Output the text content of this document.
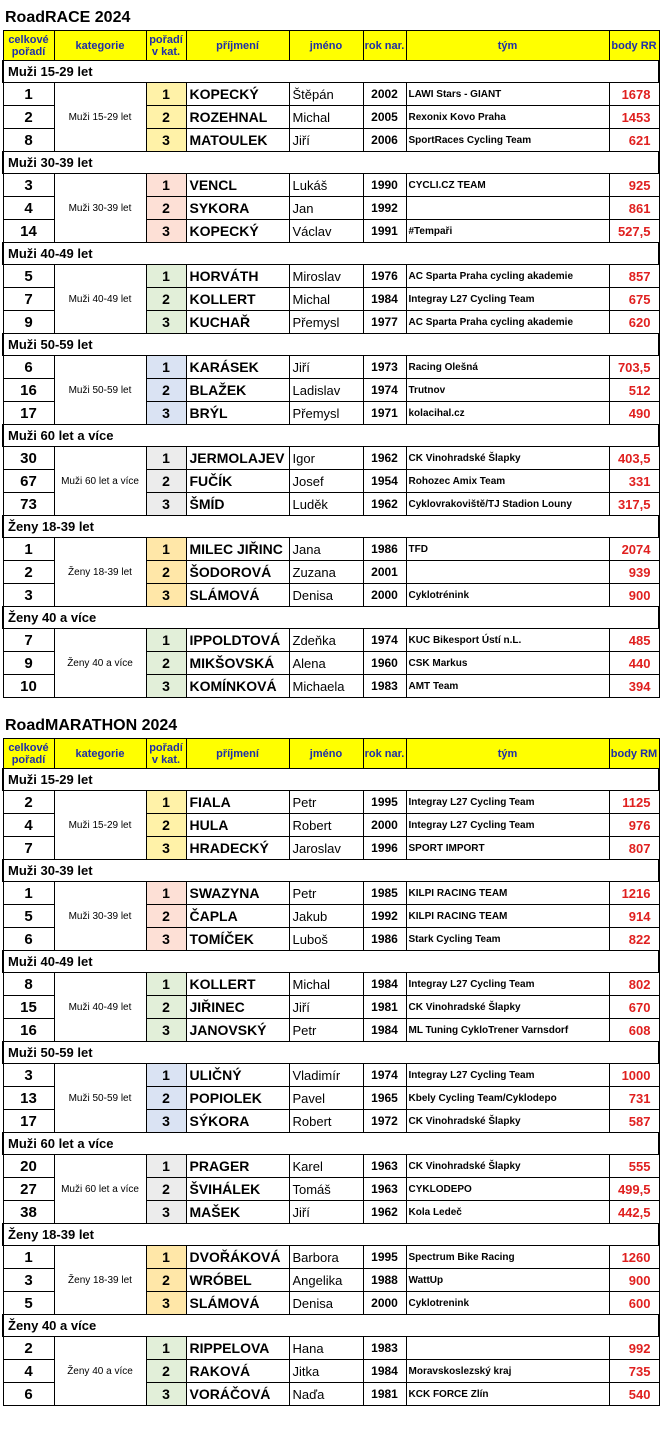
RoadRACE 2024
celkové pořadí	kategorie	pořadí v kat.	příjmení	jméno	rok nar.	tým	body RR
Muži 15-29 let							
1	Muži 15-29 let	1	KOPECKÝ	Štěpán	2002	LAWI Stars - GIANT	1678
2		2	ROZEHNAL	Michal	2005	Rexonix Kovo Praha	1453
8		3	MATOULEK	Jiří	2006	SportRaces Cycling Team	621
Muži 30-39 let							
3	Muži 30-39 let	1	VENCL	Lukáš	1990	CYCLI.CZ TEAM	925
4		2	SYKORA	Jan	1992		861
14		3	KOPECKÝ	Václav	1991	#Tempaři	527,5
Muži 40-49 let							
5	Muži 40-49 let	1	HORVÁTH	Miroslav	1976	AC Sparta Praha cycling akademie	857
7		2	KOLLERT	Michal	1984	Integray L27 Cycling Team	675
9		3	KUCHAŘ	Přemysl	1977	AC Sparta Praha cycling akademie	620
Muži 50-59 let							
6	Muži 50-59 let	1	KARÁSEK	Jiří	1973	Racing Olešná	703,5
16		2	BLAŽEK	Ladislav	1974	Trutnov	512
17		3	BRÝL	Přemysl	1971	kolacihal.cz	490
Muži 60 let a více							
30	Muži 60 let a více	1	JERMOLAJEV	Igor	1962	CK Vinohradské Šlapky	403,5
67		2	FUČÍK	Josef	1954	Rohozec Amix Team	331
73		3	ŠMÍD	Luděk	1962	Cyklovrakoviště/TJ Stadion Louny	317,5
Ženy 18-39 let							
1	Ženy 18-39 let	1	MILEC JIŘINC	Jana	1986	TFD	2074
2		2	ŠODOROVÁ	Zuzana	2001		939
3		3	SLÁMOVÁ	Denisa	2000	Cyklotrénink	900
Ženy 40 a více							
7	Ženy 40 a více	1	IPPOLDTOVÁ	Zdeňka	1974	KUC Bikesport Ústí n.L.	485
9		2	MIKŠOVSKÁ	Alena	1960	CSK Markus	440
10		3	KOMÍNKOVÁ	Michaela	1983	AMT Team	394
RoadMARATHON 2024
celkové pořadí	kategorie	pořadí v kat.	příjmení	jméno	rok nar.	tým	body RM
Muži 15-29 let							
2	Muži 15-29 let	1	FIALA	Petr	1995	Integray L27 Cycling Team	1125
4		2	HULA	Robert	2000	Integray L27 Cycling Team	976
7		3	HRADECKÝ	Jaroslav	1996	SPORT IMPORT	807
Muži 30-39 let							
1	Muži 30-39 let	1	SWAZYNA	Petr	1985	KILPI RACING TEAM	1216
5		2	ČAPLA	Jakub	1992	KILPI RACING TEAM	914
6		3	TOMÍČEK	Luboš	1986	Stark Cycling Team	822
Muži 40-49 let							
8	Muži 40-49 let	1	KOLLERT	Michal	1984	Integray L27 Cycling Team	802
15		2	JIŘINEC	Jiří	1981	CK Vinohradské Šlapky	670
16		3	JANOVSKÝ	Petr	1984	ML Tuning CykloTrener Varnsdorf	608
Muži 50-59 let							
3	Muži 50-59 let	1	ULIČNÝ	Vladimír	1974	Integray L27 Cycling Team	1000
13		2	POPIOLEK	Pavel	1965	Kbely Cycling Team/Cyklodepo	731
17		3	SÝKORA	Robert	1972	CK Vinohradské Šlapky	587
Muži 60 let a více							
20	Muži 60 let a více	1	PRAGER	Karel	1963	CK Vinohradské Šlapky	555
27		2	ŠVIHÁLEK	Tomáš	1963	CYKLODEPO	499,5
38		3	MAŠEK	Jiří	1962	Kola Ledeč	442,5
Ženy 18-39 let							
1	Ženy 18-39 let	1	DVOŘÁKOVÁ	Barbora	1995	Spectrum Bike Racing	1260
3		2	WRÓBEL	Angelika	1988	WattUp	900
5		3	SLÁMOVÁ	Denisa	2000	Cyklotrenink	600
Ženy 40 a více							
2	Ženy 40 a více	1	RIPPELOVA	Hana	1983		992
4		2	RAKOVÁ	Jitka	1984	Moravskoslezský kraj	735
6		3	VORÁČOVÁ	Naďa	1981	KCK FORCE Zlín	540
